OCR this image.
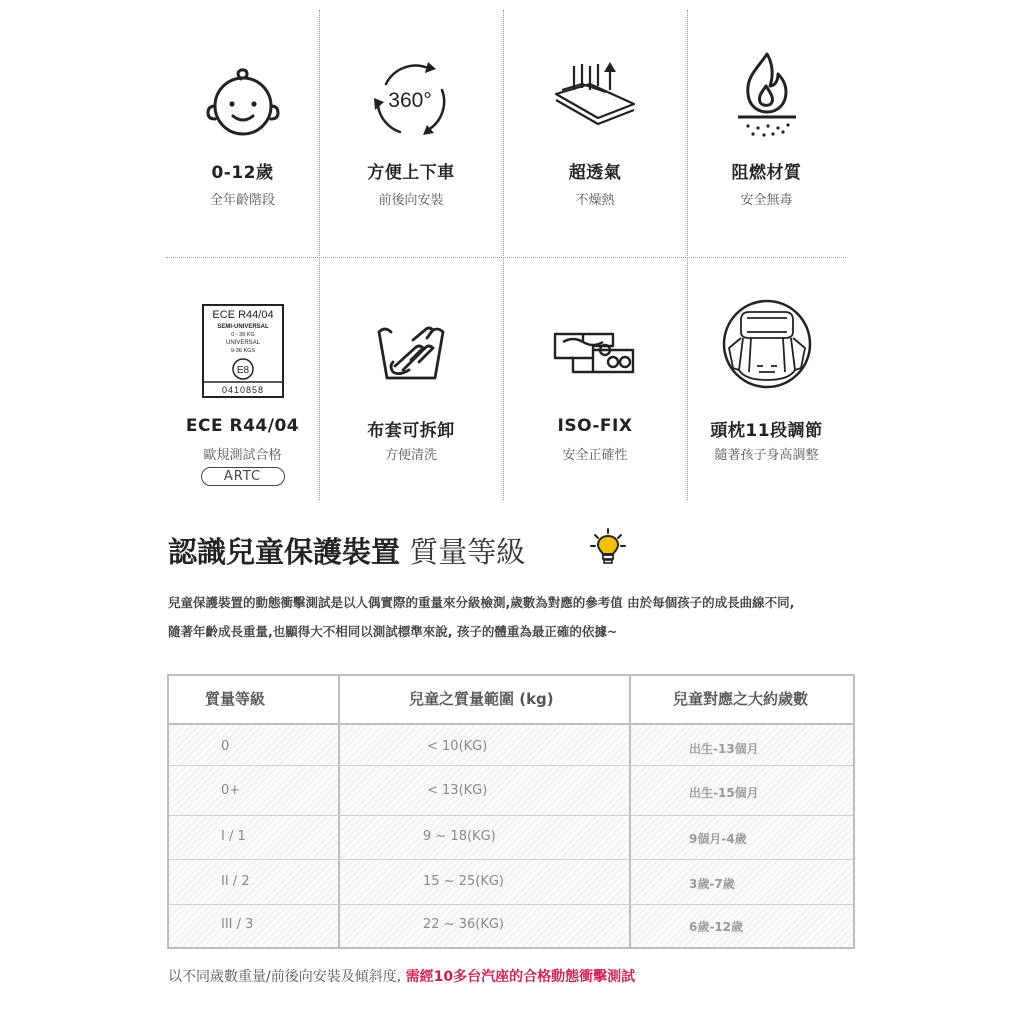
0-12歲
全年齡階段
360°
方便上下車
前後向安裝
超透氣
不燥熱
阻燃材質
安全無毒
ECE R44/04
SEMI-UNIVERSAL
0 - 36 KG
UNIVERSAL
9-36 KGS
E8
0410858
ECE R44/04
歐規測試合格
ARTC
布套可拆卸
方便清洗
ISO-FIX
安全正確性
頭枕11段調節
隨著孩子身高調整
認識兒童保護裝置 質量等級
兒童保護裝置的動態衝擊測試是以人偶實際的重量來分級檢測,歲數為對應的參考值 由於每個孩子的成長曲線不同,
隨著年齡成長重量,也顯得大不相同以測試標準來說, 孩子的體重為最正確的依據~
質量等級	兒童之質量範圍 (kg)	兒童對應之大約歲數
0	< 10(KG)	出生-13個月
0+	< 13(KG)	出生-15個月
I / 1	9 ~ 18(KG)	9個月-4歲
II / 2	15 ~ 25(KG)	3歲-7歲
III / 3	22 ~ 36(KG)	6歲-12歲
以不同歲數重量/前後向安裝及傾斜度, 需經10多台汽座的合格動態衝擊測試
